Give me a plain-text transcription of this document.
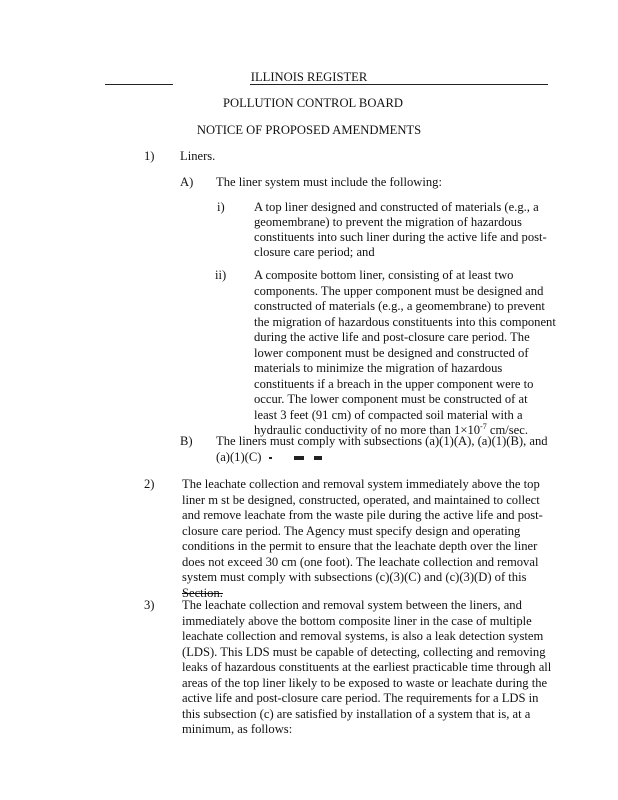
ILLINOIS REGISTER
POLLUTION CONTROL BOARD
NOTICE OF PROPOSED AMENDMENTS
1) Liners.
A) The liner system must include the following:
i) A top liner designed and constructed of materials (e.g., a
geomembrane) to prevent the migration of hazardous
constituents into such liner during the active life and post-
closure care period; and
ii) A composite bottom liner, consisting of at least two
components. The upper component must be designed and
constructed of materials (e.g., a geomembrane) to prevent
the migration of hazardous constituents into this component
during the active life and post-closure care period. The
lower component must be designed and constructed of
materials to minimize the migration of hazardous
constituents if a breach in the upper component were to
occur. The lower component must be constructed of at
least 3 feet (91 cm) of compacted soil material with a
hydraulic conductivity of no more than $1\times 10^{-7}$ cm/sec.
B) The liners must comply with subsections (a)(1)(A), (a)(1)(B), and
(a)(1)(C)
2) The leachate collection and removal system immediately above the top
liner m st be designed, constructed, operated, and maintained to collect
and remove leachate from the waste pile during the active life and post-
closure care period. The Agency must specify design and operating
conditions in the permit to ensure that the leachate depth over the liner
does not exceed 30 cm (one foot). The leachate collection and removal
system must comply with subsections (c)(3)(C) and (c)(3)(D) of this
Section.
3) The leachate collection and removal system between the liners, and
immediately above the bottom composite liner in the case of multiple
leachate collection and removal systems, is also a leak detection system
(LDS). This LDS must be capable of detecting, collecting and removing
leaks of hazardous constituents at the earliest practicable time through all
areas of the top liner likely to be exposed to waste or leachate during the
active life and post-closure care period. The requirements for a LDS in
this subsection (c) are satisfied by installation of a system that is, at a
minimum, as follows:
